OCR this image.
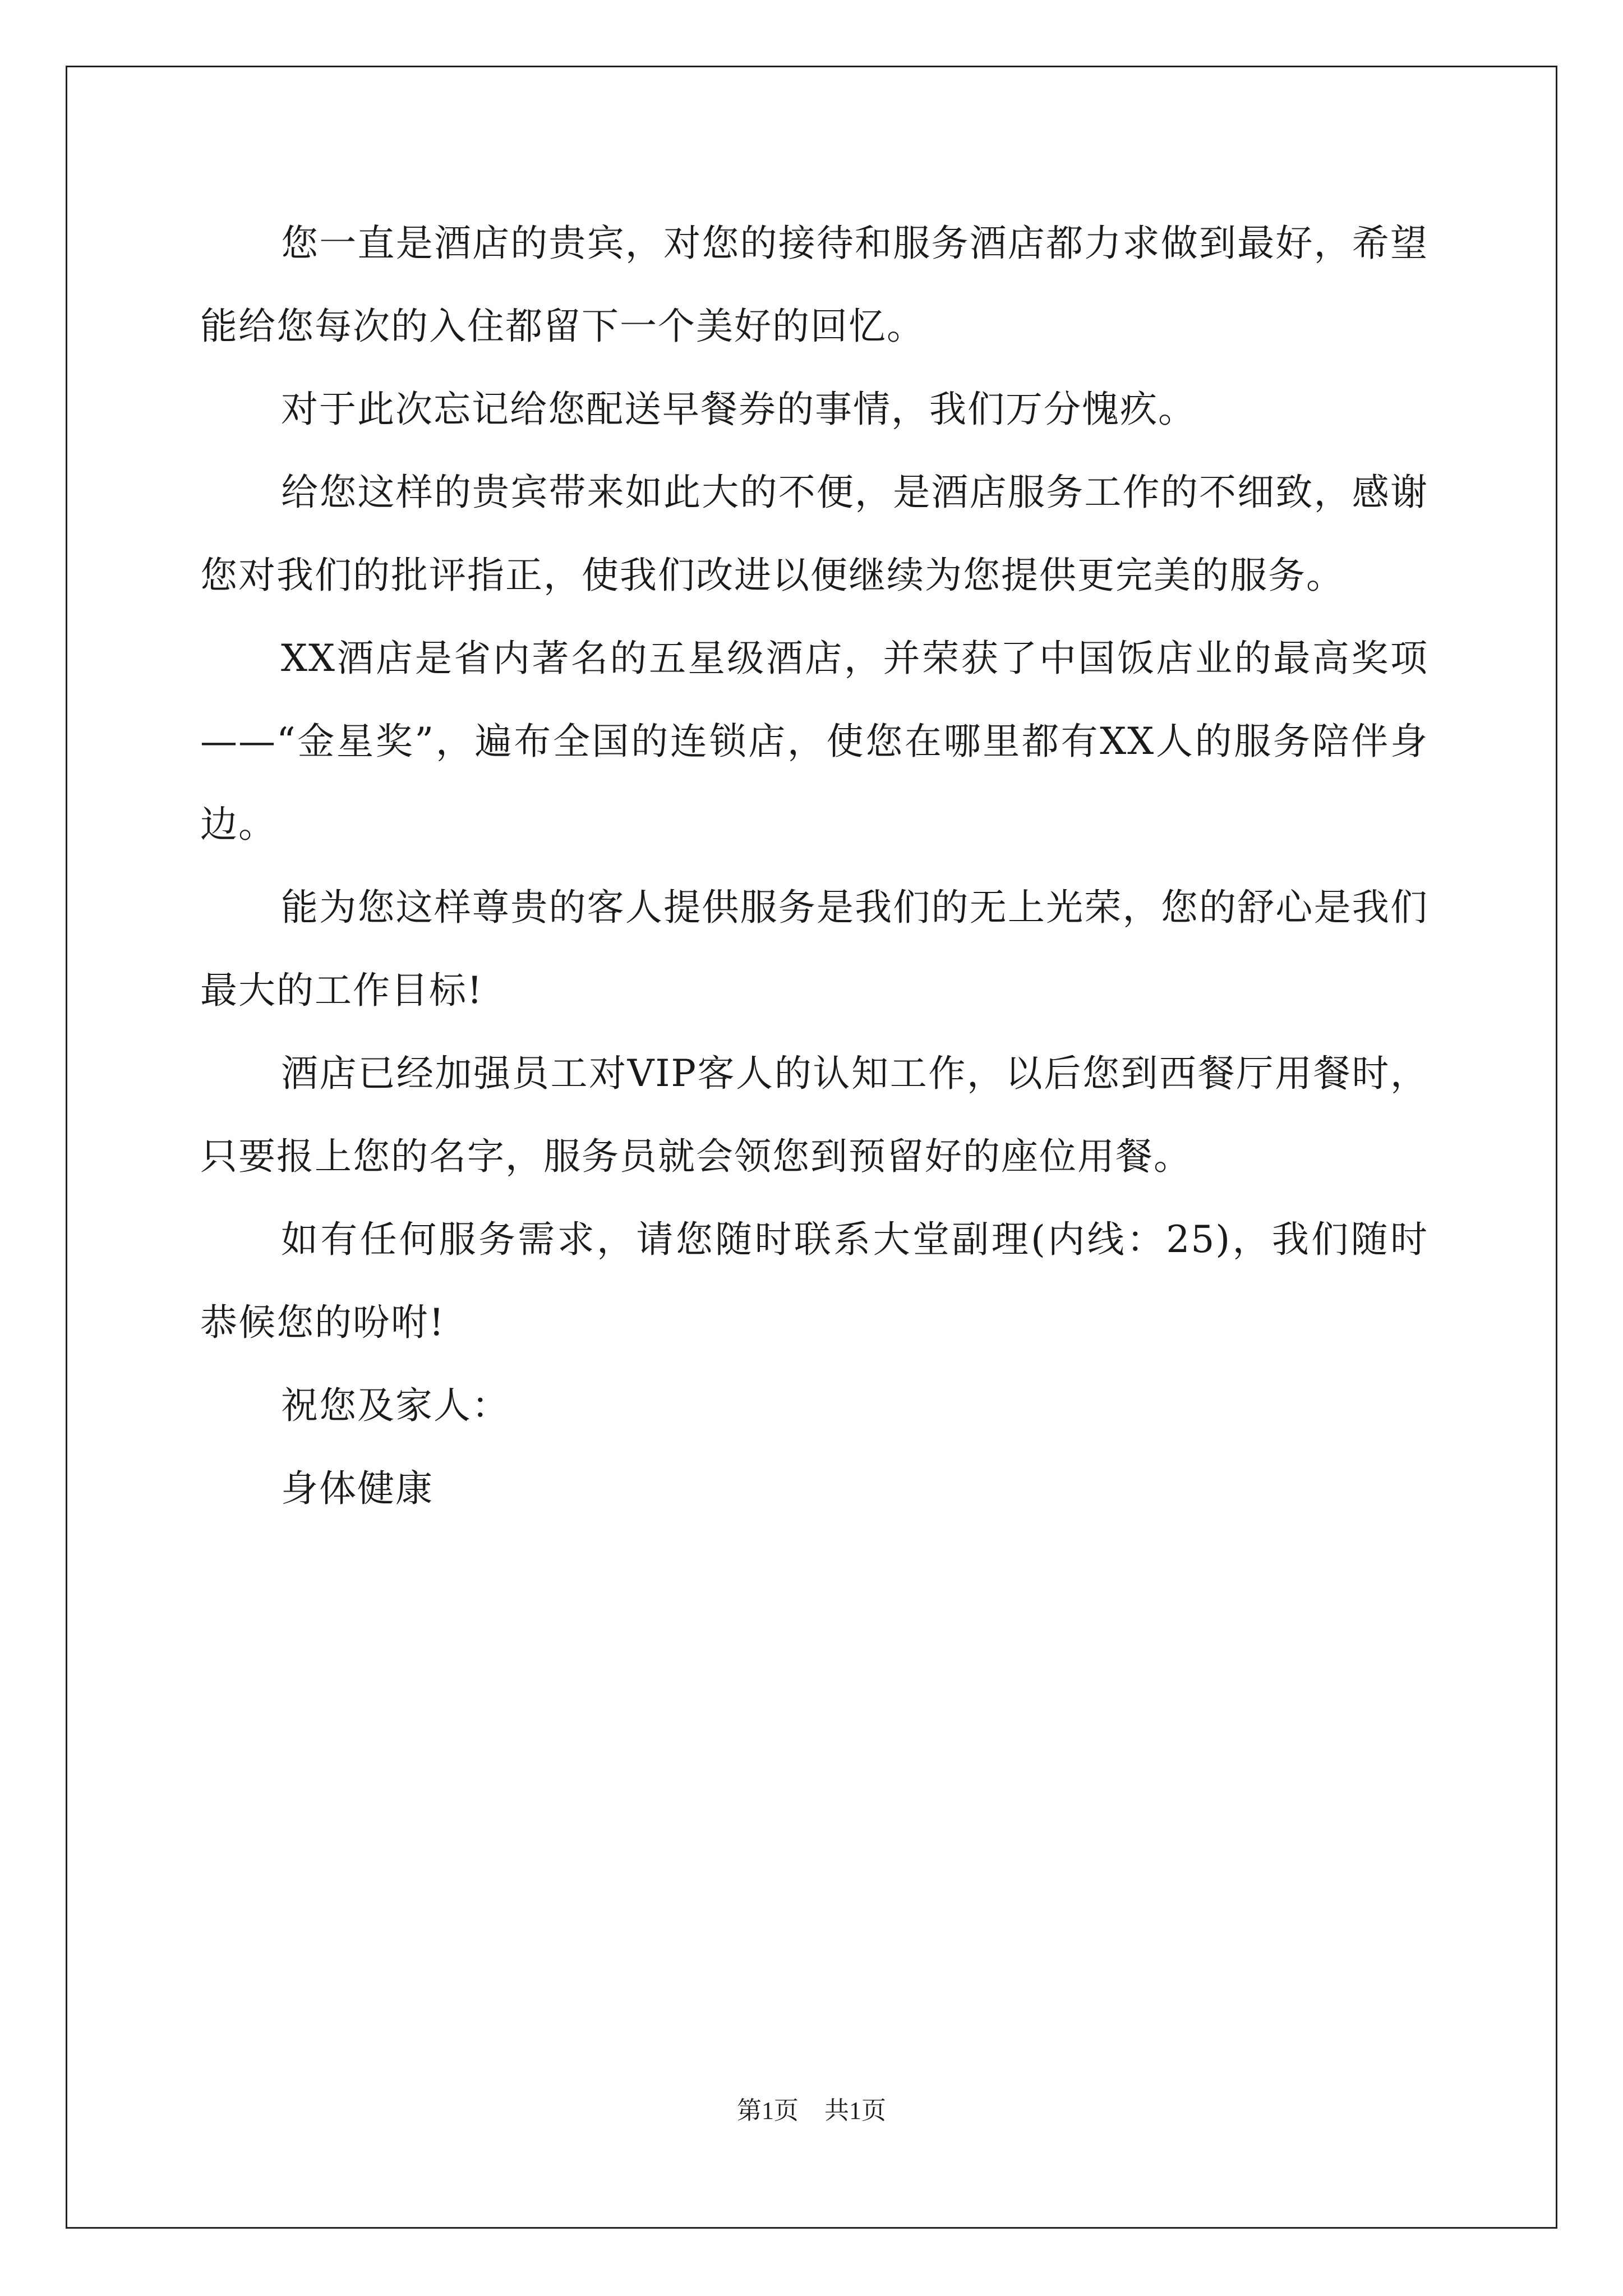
您一直是酒店的贵宾，对您的接待和服务酒店都力求做到最好，希望能给您每次的入住都留下一个美好的回忆。

对于此次忘记给您配送早餐券的事情，我们万分愧疚。

给您这样的贵宾带来如此大的不便，是酒店服务工作的不细致，感谢您对我们的批评指正，使我们改进以便继续为您提供更完美的服务。

XX酒店是省内著名的五星级酒店，并荣获了中国饭店业的最高奖项——“金星奖”，遍布全国的连锁店，使您在哪里都有XX人的服务陪伴身边。

能为您这样尊贵的客人提供服务是我们的无上光荣，您的舒心是我们最大的工作目标!

酒店已经加强员工对VIP客人的认知工作，以后您到西餐厅用餐时，只要报上您的名字，服务员就会领您到预留好的座位用餐。

如有任何服务需求，请您随时联系大堂副理(内线：25)，我们随时恭候您的吩咐!

祝您及家人：

身体健康

第1页 共1页
